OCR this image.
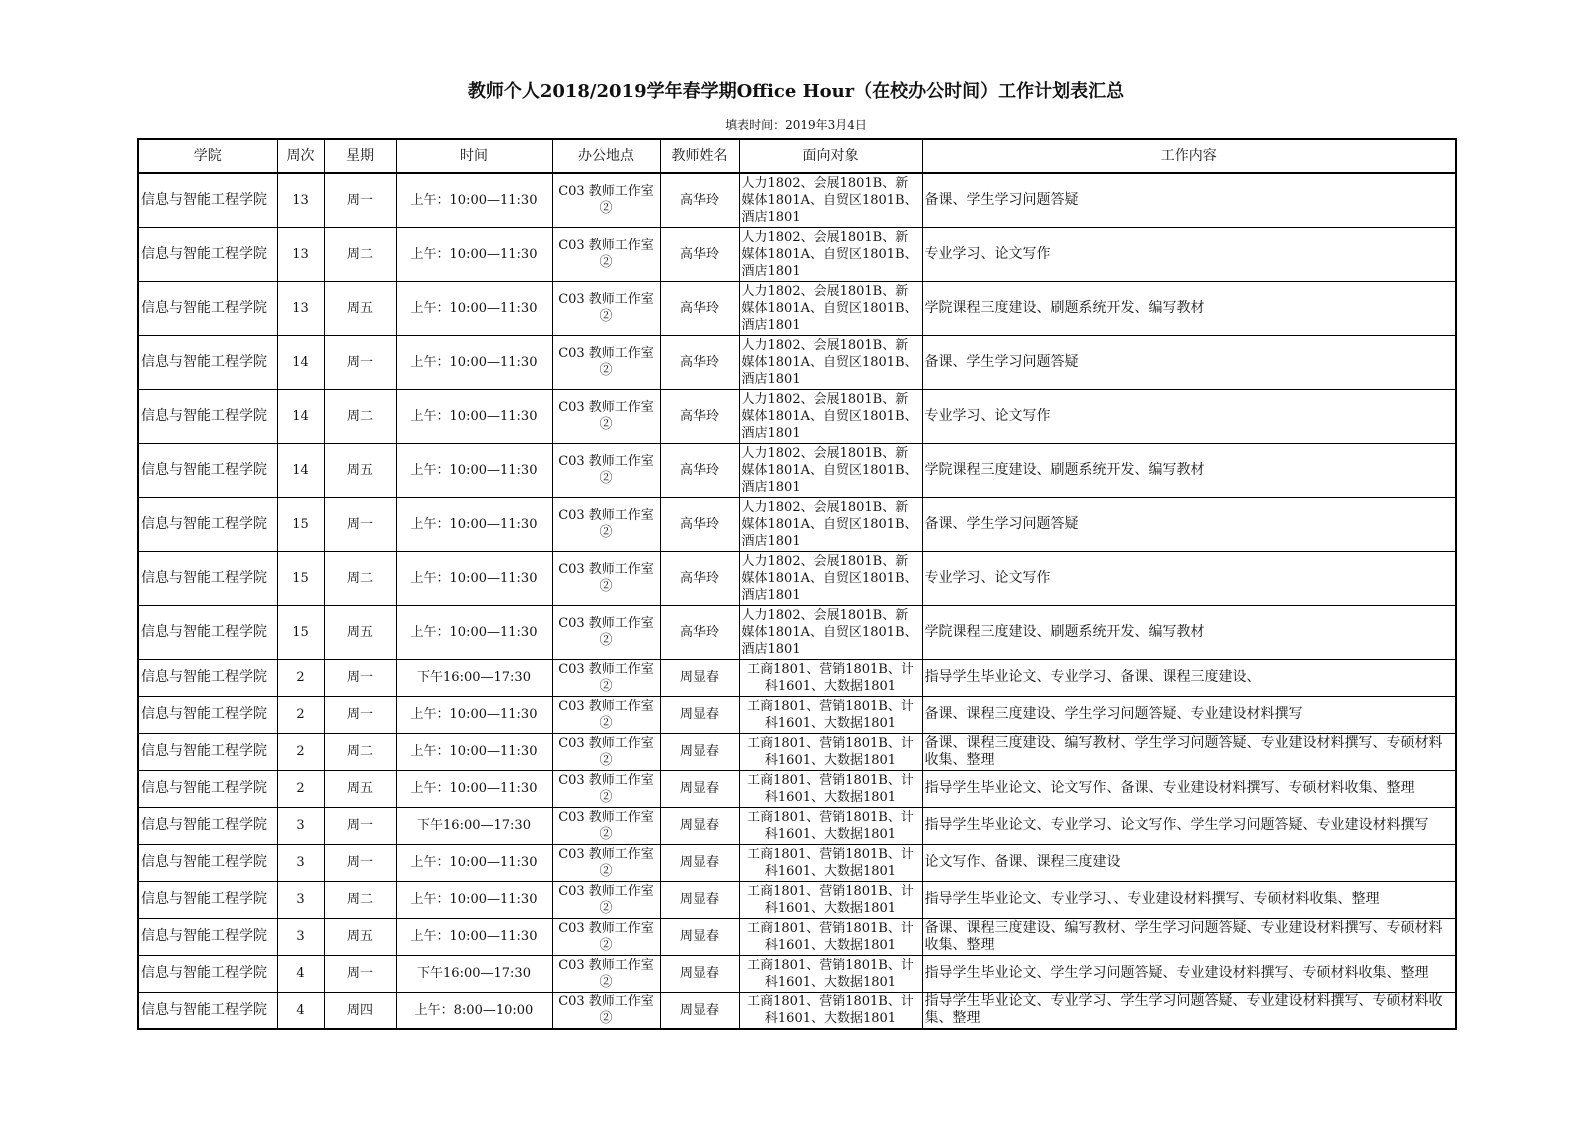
教师个人2018/2019学年春学期Office Hour（在校办公时间）工作计划表汇总
填表时间：2019年3月4日
学院	周次	星期	时间	办公地点	教师姓名	面向对象	工作内容
信息与智能工程学院	13	周一	上午：10:00—11:30	C03 教师工作室②	高华玲	人力1802、会展1801B、新媒体1801A、自贸区1801B、酒店1801	备课、学生学习问题答疑
信息与智能工程学院	13	周二	上午：10:00—11:30	C03 教师工作室②	高华玲	人力1802、会展1801B、新媒体1801A、自贸区1801B、酒店1801	专业学习、论文写作
信息与智能工程学院	13	周五	上午：10:00—11:30	C03 教师工作室②	高华玲	人力1802、会展1801B、新媒体1801A、自贸区1801B、酒店1801	学院课程三度建设、刷题系统开发、编写教材
信息与智能工程学院	14	周一	上午：10:00—11:30	C03 教师工作室②	高华玲	人力1802、会展1801B、新媒体1801A、自贸区1801B、酒店1801	备课、学生学习问题答疑
信息与智能工程学院	14	周二	上午：10:00—11:30	C03 教师工作室②	高华玲	人力1802、会展1801B、新媒体1801A、自贸区1801B、酒店1801	专业学习、论文写作
信息与智能工程学院	14	周五	上午：10:00—11:30	C03 教师工作室②	高华玲	人力1802、会展1801B、新媒体1801A、自贸区1801B、酒店1801	学院课程三度建设、刷题系统开发、编写教材
信息与智能工程学院	15	周一	上午：10:00—11:30	C03 教师工作室②	高华玲	人力1802、会展1801B、新媒体1801A、自贸区1801B、酒店1801	备课、学生学习问题答疑
信息与智能工程学院	15	周二	上午：10:00—11:30	C03 教师工作室②	高华玲	人力1802、会展1801B、新媒体1801A、自贸区1801B、酒店1801	专业学习、论文写作
信息与智能工程学院	15	周五	上午：10:00—11:30	C03 教师工作室②	高华玲	人力1802、会展1801B、新媒体1801A、自贸区1801B、酒店1801	学院课程三度建设、刷题系统开发、编写教材
信息与智能工程学院	2	周一	下午16:00—17:30	C03 教师工作室②	周显春	工商1801、营销1801B、计科1601、大数据1801	指导学生毕业论文、专业学习、备课、课程三度建设、
信息与智能工程学院	2	周一	上午：10:00—11:30	C03 教师工作室②	周显春	工商1801、营销1801B、计科1601、大数据1801	备课、课程三度建设、学生学习问题答疑、专业建设材料撰写
信息与智能工程学院	2	周二	上午：10:00—11:30	C03 教师工作室②	周显春	工商1801、营销1801B、计科1601、大数据1801	备课、课程三度建设、编写教材、学生学习问题答疑、专业建设材料撰写、专硕材料收集、整理
信息与智能工程学院	2	周五	上午：10:00—11:30	C03 教师工作室②	周显春	工商1801、营销1801B、计科1601、大数据1801	指导学生毕业论文、论文写作、备课、专业建设材料撰写、专硕材料收集、整理
信息与智能工程学院	3	周一	下午16:00—17:30	C03 教师工作室②	周显春	工商1801、营销1801B、计科1601、大数据1801	指导学生毕业论文、专业学习、论文写作、学生学习问题答疑、专业建设材料撰写
信息与智能工程学院	3	周一	上午：10:00—11:30	C03 教师工作室②	周显春	工商1801、营销1801B、计科1601、大数据1801	论文写作、备课、课程三度建设
信息与智能工程学院	3	周二	上午：10:00—11:30	C03 教师工作室②	周显春	工商1801、营销1801B、计科1601、大数据1801	指导学生毕业论文、专业学习、、专业建设材料撰写、专硕材料收集、整理
信息与智能工程学院	3	周五	上午：10:00—11:30	C03 教师工作室②	周显春	工商1801、营销1801B、计科1601、大数据1801	备课、课程三度建设、编写教材、学生学习问题答疑、专业建设材料撰写、专硕材料收集、整理
信息与智能工程学院	4	周一	下午16:00—17:30	C03 教师工作室②	周显春	工商1801、营销1801B、计科1601、大数据1801	指导学生毕业论文、学生学习问题答疑、专业建设材料撰写、专硕材料收集、整理
信息与智能工程学院	4	周四	上午：8:00—10:00	C03 教师工作室②	周显春	工商1801、营销1801B、计科1601、大数据1801	指导学生毕业论文、专业学习、学生学习问题答疑、专业建设材料撰写、专硕材料收集、整理
